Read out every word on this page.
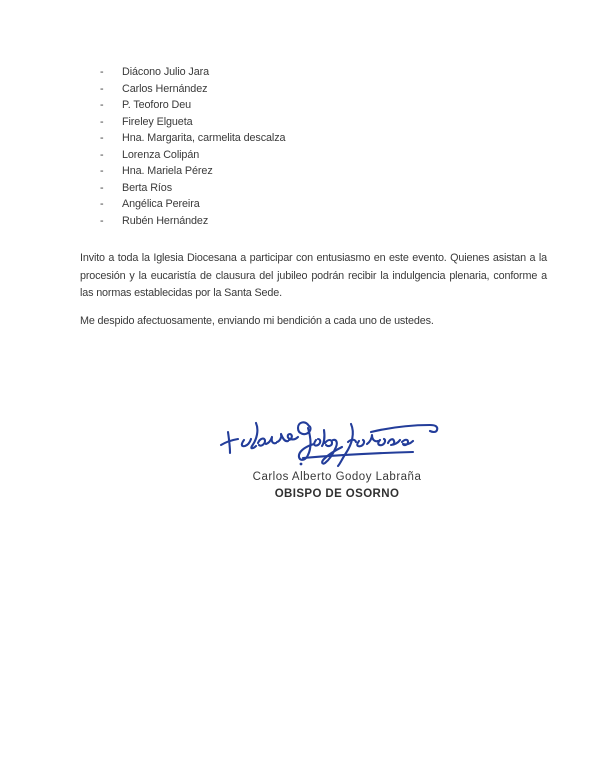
-	Diácono Julio Jara
-	Carlos Hernández
-	P. Teoforo Deu
-	Fireley Elgueta
-	Hna. Margarita, carmelita descalza
-	Lorenza Colipán
-	Hna. Mariela Pérez
-	Berta Ríos
-	Angélica Pereira
-	Rubén Hernández

Invito a toda la Iglesia Diocesana a participar con entusiasmo en este evento. Quienes asistan a la procesión y la eucaristía de clausura del jubileo podrán recibir la indulgencia plenaria, conforme a las normas establecidas por la Santa Sede.

Me despido afectuosamente, enviando mi bendición a cada uno de ustedes.

Carlos Alberto Godoy Labraña
OBISPO DE OSORNO
